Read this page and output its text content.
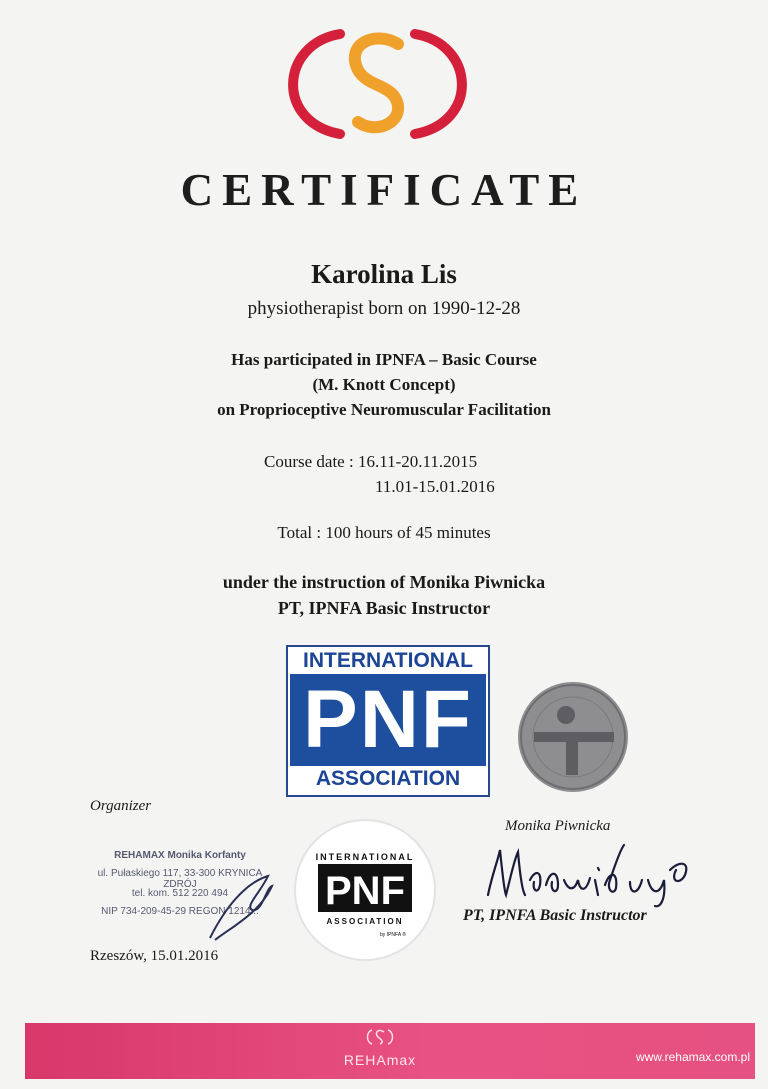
CERTIFICATE
Karolina Lis
physiotherapist born on 1990-12-28
Has participated in IPNFA – Basic Course
(M. Knott Concept)
on Proprioceptive Neuromuscular Facilitation
Course date : 16.11-20.11.2015
11.01-15.01.2016
Total : 100 hours of 45 minutes
under the instruction of Monika Piwnicka
PT, IPNFA Basic Instructor
INTERNATIONAL
PNF
ASSOCIATION
Organizer
REHAMAX Monika Korfanty
ul. Pułaskiego 117, 33-300 KRYNICA ZDRÓJ
tel. kom. 512 220 494
NIP 734-209-45-29 REGON 1214...
INTERNATIONAL
PNF
ASSOCIATION
by IPNFA ®
Monika Piwnicka
PT, IPNFA Basic Instructor
Rzeszów, 15.01.2016
REHAmax	www.rehamax.com.pl
